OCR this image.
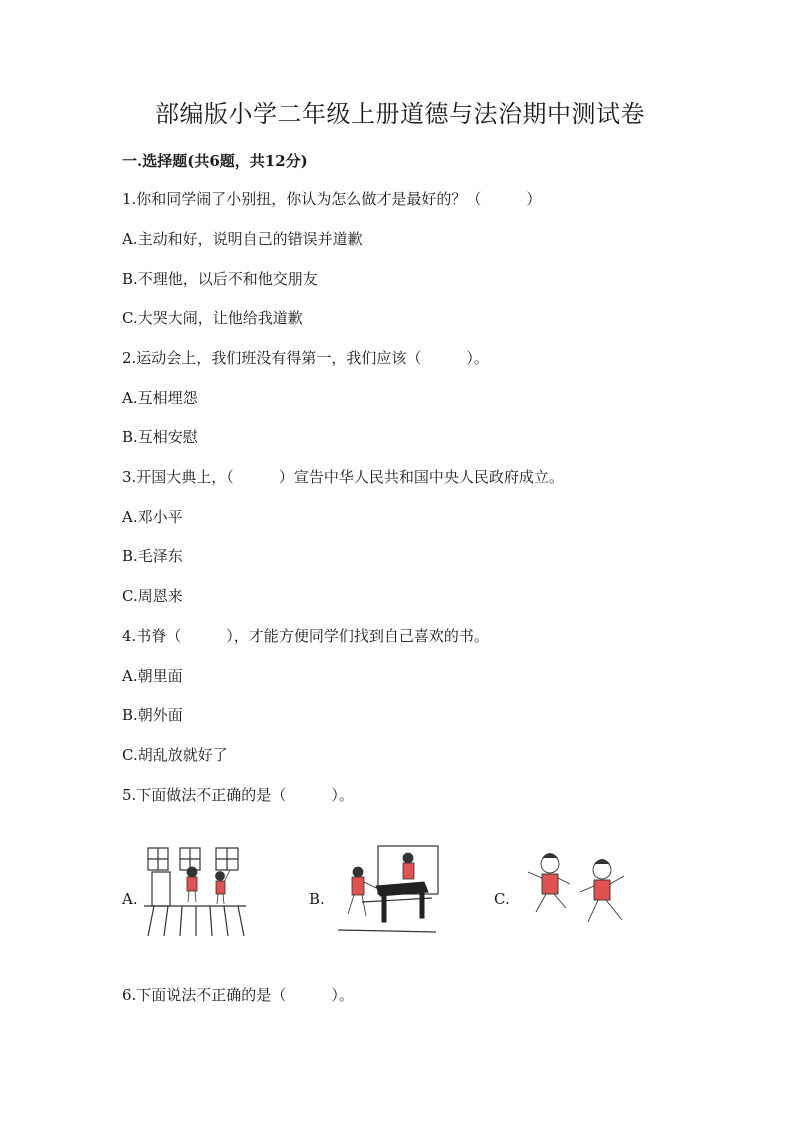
部编版小学二年级上册道德与法治期中测试卷
一.选择题(共6题，共12分)
1.你和同学闹了小别扭，你认为怎么做才是最好的？（　　　）
A.主动和好，说明自己的错误并道歉
B.不理他，以后不和他交朋友
C.大哭大闹，让他给我道歉
2.运动会上，我们班没有得第一，我们应该（　　　）。
A.互相埋怨
B.互相安慰
3.开国大典上，（　　　）宣告中华人民共和国中央人民政府成立。
A.邓小平
B.毛泽东
C.周恩来
4.书脊（　　　），才能方便同学们找到自己喜欢的书。
A.朝里面
B.朝外面
C.胡乱放就好了
5.下面做法不正确的是（　　　）。
A.	B.	C.
6.下面说法不正确的是（　　　）。
